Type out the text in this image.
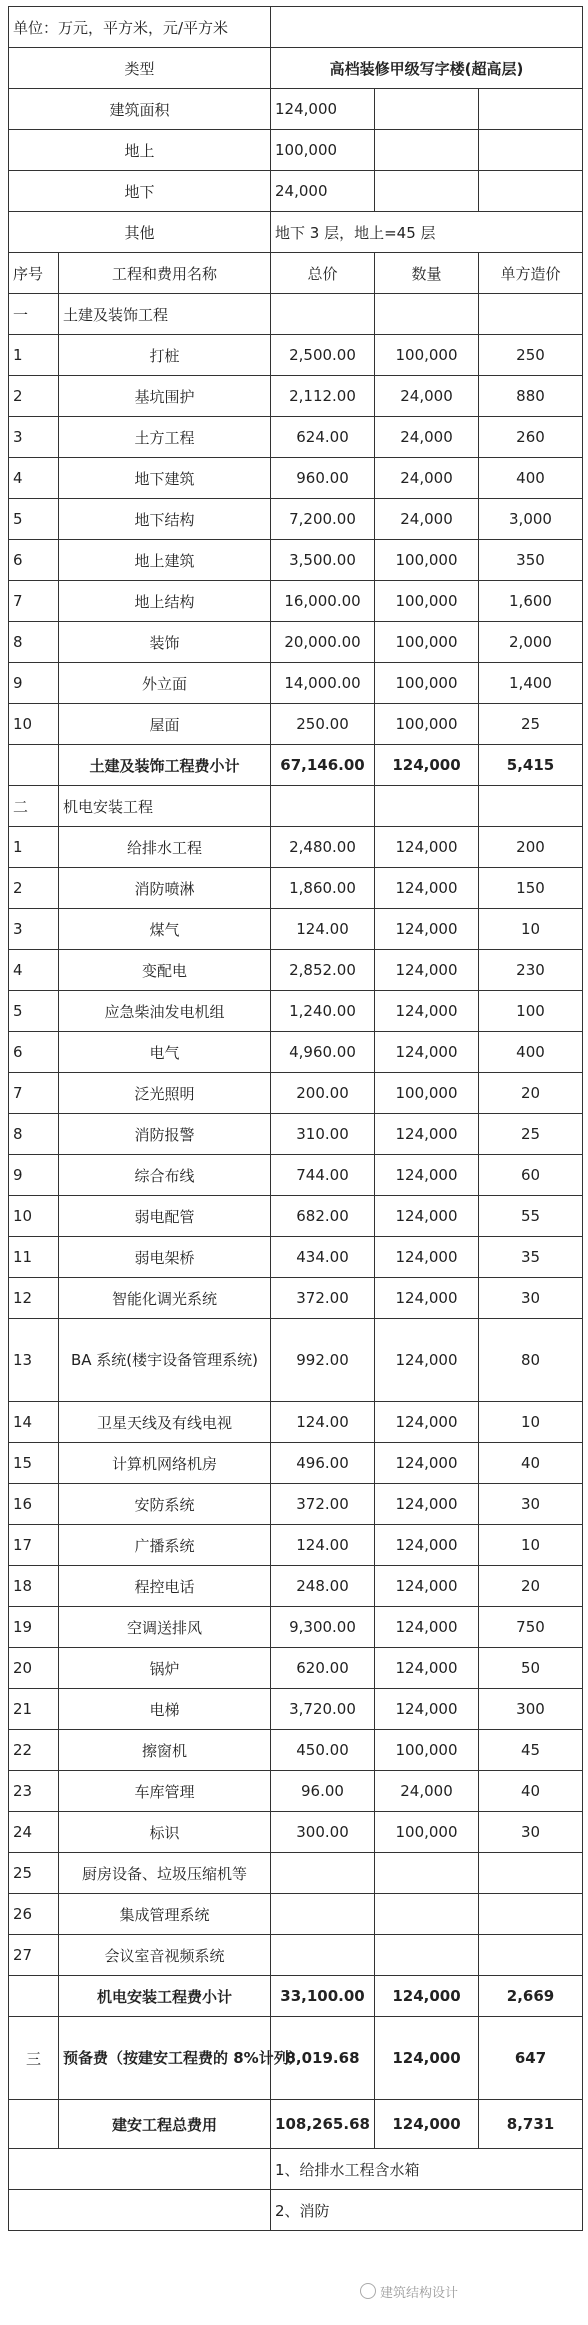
单位：万元，平方米，元/平方米				
类型		高档装修甲级写字楼(超高层)		
建筑面积		124,000		
地上		100,000		
地下		24,000		
其他		地下 3 层，地上=45 层		
序号	工程和费用名称	总价	数量	单方造价
一	土建及装饰工程			
1	打桩	2,500.00	100,000	250
2	基坑围护	2,112.00	24,000	880
3	土方工程	624.00	24,000	260
4	地下建筑	960.00	24,000	400
5	地下结构	7,200.00	24,000	3,000
6	地上建筑	3,500.00	100,000	350
7	地上结构	16,000.00	100,000	1,600
8	装饰	20,000.00	100,000	2,000
9	外立面	14,000.00	100,000	1,400
10	屋面	250.00	100,000	25
	土建及装饰工程费小计	67,146.00	124,000	5,415
二	机电安装工程			
1	给排水工程	2,480.00	124,000	200
2	消防喷淋	1,860.00	124,000	150
3	煤气	124.00	124,000	10
4	变配电	2,852.00	124,000	230
5	应急柴油发电机组	1,240.00	124,000	100
6	电气	4,960.00	124,000	400
7	泛光照明	200.00	100,000	20
8	消防报警	310.00	124,000	25
9	综合布线	744.00	124,000	60
10	弱电配管	682.00	124,000	55
11	弱电架桥	434.00	124,000	35
12	智能化调光系统	372.00	124,000	30
13	BA 系统(楼宇设备管理系统)	992.00	124,000	80
14	卫星天线及有线电视	124.00	124,000	10
15	计算机网络机房	496.00	124,000	40
16	安防系统	372.00	124,000	30
17	广播系统	124.00	124,000	10
18	程控电话	248.00	124,000	20
19	空调送排风	9,300.00	124,000	750
20	锅炉	620.00	124,000	50
21	电梯	3,720.00	124,000	300
22	擦窗机	450.00	100,000	45
23	车库管理	96.00	24,000	40
24	标识	300.00	100,000	30
25	厨房设备、垃圾压缩机等			
26	集成管理系统			
27	会议室音视频系统			
	机电安装工程费小计	33,100.00	124,000	2,669
三	预备费（按建安工程费的 8%计列）	8,019.68	124,000	647
	建安工程总费用	108,265.68	124,000	8,731
		1、给排水工程含水箱		
		2、消防		
建筑结构设计
